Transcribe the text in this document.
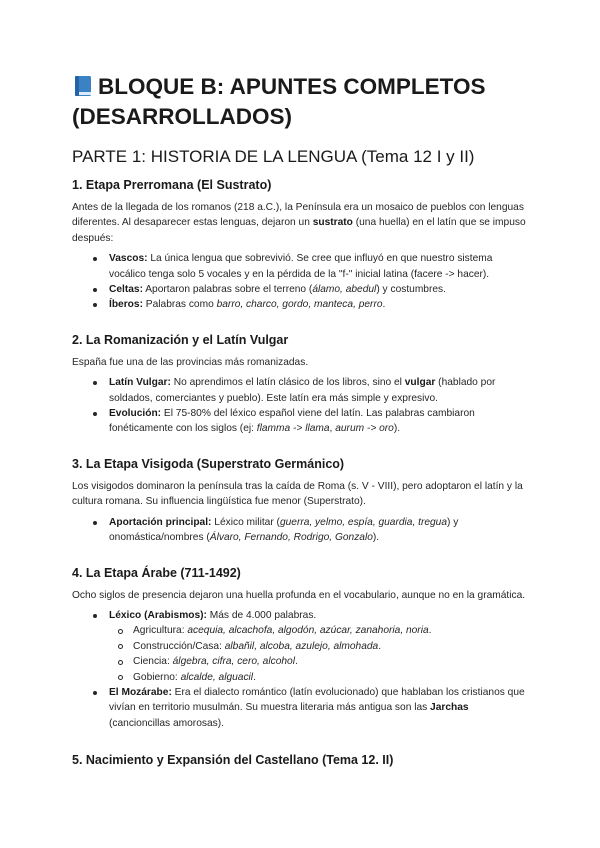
BLOQUE B: APUNTES COMPLETOS (DESARROLLADOS)
PARTE 1: HISTORIA DE LA LENGUA (Tema 12 I y II)
1. Etapa Prerromana (El Sustrato)

Antes de la llegada de los romanos (218 a.C.), la Península era un mosaico de pueblos con lenguas diferentes. Al desaparecer estas lenguas, dejaron un sustrato (una huella) en el latín que se impuso después:

Vascos: La única lengua que sobrevivió. Se cree que influyó en que nuestro sistema vocálico tenga solo 5 vocales y en la pérdida de la "f-" inicial latina (facere -> hacer).
Celtas: Aportaron palabras sobre el terreno (álamo, abedul) y costumbres.
Íberos: Palabras como barro, charco, gordo, manteca, perro.
2. La Romanización y el Latín Vulgar

España fue una de las provincias más romanizadas.

Latín Vulgar: No aprendimos el latín clásico de los libros, sino el vulgar (hablado por soldados, comerciantes y pueblo). Este latín era más simple y expresivo.
Evolución: El 75-80% del léxico español viene del latín. Las palabras cambiaron fonéticamente con los siglos (ej: flamma -> llama, aurum -> oro).
3. La Etapa Visigoda (Superstrato Germánico)

Los visigodos dominaron la península tras la caída de Roma (s. V - VIII), pero adoptaron el latín y la cultura romana. Su influencia lingüística fue menor (Superstrato).

Aportación principal: Léxico militar (guerra, yelmo, espía, guardia, tregua) y onomástica/nombres (Álvaro, Fernando, Rodrigo, Gonzalo).
4. La Etapa Árabe (711-1492)

Ocho siglos de presencia dejaron una huella profunda en el vocabulario, aunque no en la gramática.

Léxico (Arabismos): Más de 4.000 palabras.
Agricultura: acequia, alcachofa, algodón, azúcar, zanahoria, noria.
Construcción/Casa: albañil, alcoba, azulejo, almohada.
Ciencia: álgebra, cifra, cero, alcohol.
Gobierno: alcalde, alguacil.
El Mozárabe: Era el dialecto romántico (latín evolucionado) que hablaban los cristianos que vivían en territorio musulmán. Su muestra literaria más antigua son las Jarchas (cancioncillas amorosas).
5. Nacimiento y Expansión del Castellano (Tema 12. II)
